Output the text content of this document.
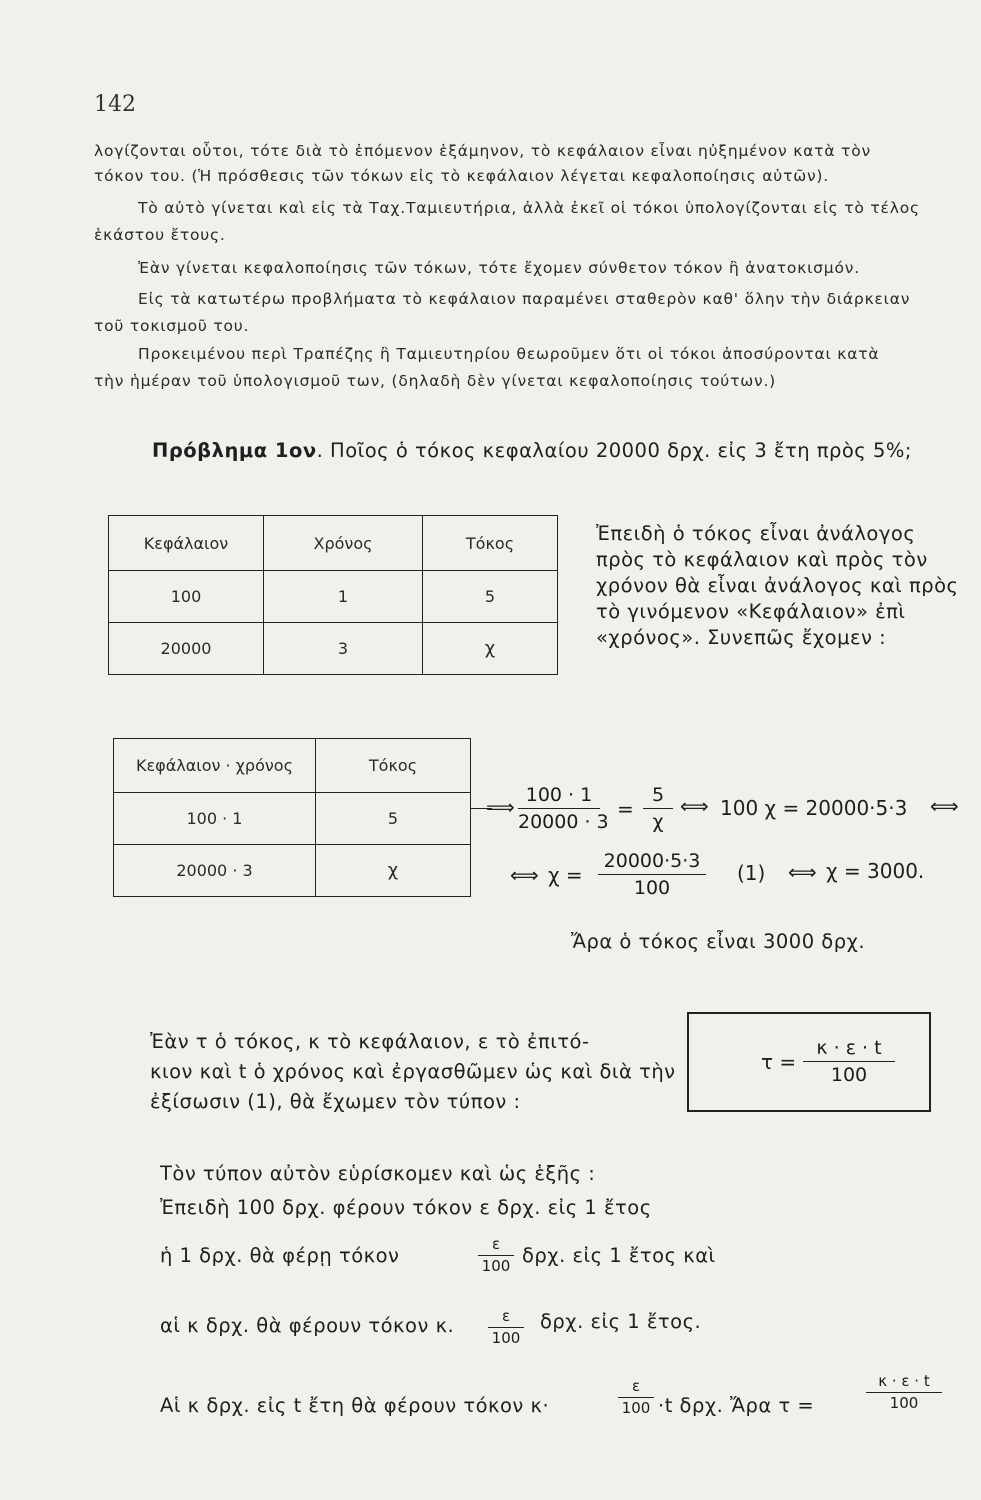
142
λογίζονται οὗτοι, τότε διὰ τὸ ἑπόμενον ἑξάμηνον, τὸ κεφάλαιον εἶναι ηὐξημένον κατὰ τὸν
τόκον του. (Ἡ πρόσθεσις τῶν τόκων εἰς τὸ κεφάλαιον λέγεται κεφαλοποίησις αὐτῶν).
Τὸ αὐτὸ γίνεται καὶ εἰς τὰ Ταχ.Ταμιευτήρια, ἀλλὰ ἐκεῖ οἱ τόκοι ὑπολογίζονται εἰς τὸ τέλος
ἑκάστου ἔτους.
Ἐὰν γίνεται κεφαλοποίησις τῶν τόκων, τότε ἔχομεν σύνθετον τόκον ἢ ἀνατοκισμόν.
Εἰς τὰ κατωτέρω προβλήματα τὸ κεφάλαιον παραμένει σταθερὸν καθ' ὅλην τὴν διάρκειαν
τοῦ τοκισμοῦ του.
Προκειμένου περὶ Τραπέζης ἢ Ταμιευτηρίου θεωροῦμεν ὅτι οἱ τόκοι ἀποσύρονται κατὰ
τὴν ἡμέραν τοῦ ὑπολογισμοῦ των, (δηλαδὴ δὲν γίνεται κεφαλοποίησις τούτων.)
Πρόβλημα 1ον. Ποῖος ὁ τόκος κεφαλαίου 20000 δρχ. εἰς 3 ἔτη πρὸς 5%;
Κεφάλαιον	Χρόνος	Τόκος
100	1	5
20000	3	χ
Ἐπειδὴ ὁ τόκος εἶναι ἀνάλογος
πρὸς τὸ κεφάλαιον καὶ πρὸς τὸν
χρόνον θὰ εἶναι ἀνάλογος καὶ πρὸς
τὸ γινόμενον «Κεφάλαιον» ἐπὶ
«χρόνος». Συνεπῶς ἔχομεν :
Κεφάλαιον · χρόνος	Τόκος
100 · 1	5
20000 · 3	χ
⟹ 100 · 1
20000 · 3
=
5
χ
⟺ 100 χ = 20000·5·3 ⟺
⟺ χ =
20000·5·3
100
(1) ⟺ χ = 3000.
Ἄρα ὁ τόκος εἶναι 3000 δρχ.
Ἐὰν τ ὁ τόκος, κ τὸ κεφάλαιον, ε τὸ ἐπιτό-
κιον καὶ t ὁ χρόνος καὶ ἐργασθῶμεν ὡς καὶ διὰ τὴν
ἐξίσωσιν (1), θὰ ἔχωμεν τὸν τύπον :
τ =
κ · ε · t
100
Τὸν τύπον αὐτὸν εὑρίσκομεν καὶ ὡς ἑξῆς :
Ἐπειδὴ 100 δρχ. φέρουν τόκον ε δρχ. εἰς 1 ἔτος
ἡ 1 δρχ. θὰ φέρῃ τόκον	ε
100 δρχ. εἰς 1 ἔτος καὶ
αἱ κ δρχ. θὰ φέρουν τόκον κ.	ε
100
δρχ. εἰς 1 ἔτος.
Αἱ κ δρχ. εἰς t ἔτη θὰ φέρουν τόκον κ·
ε
100 ·t δρχ. Ἄρα τ =
κ · ε · t
100
